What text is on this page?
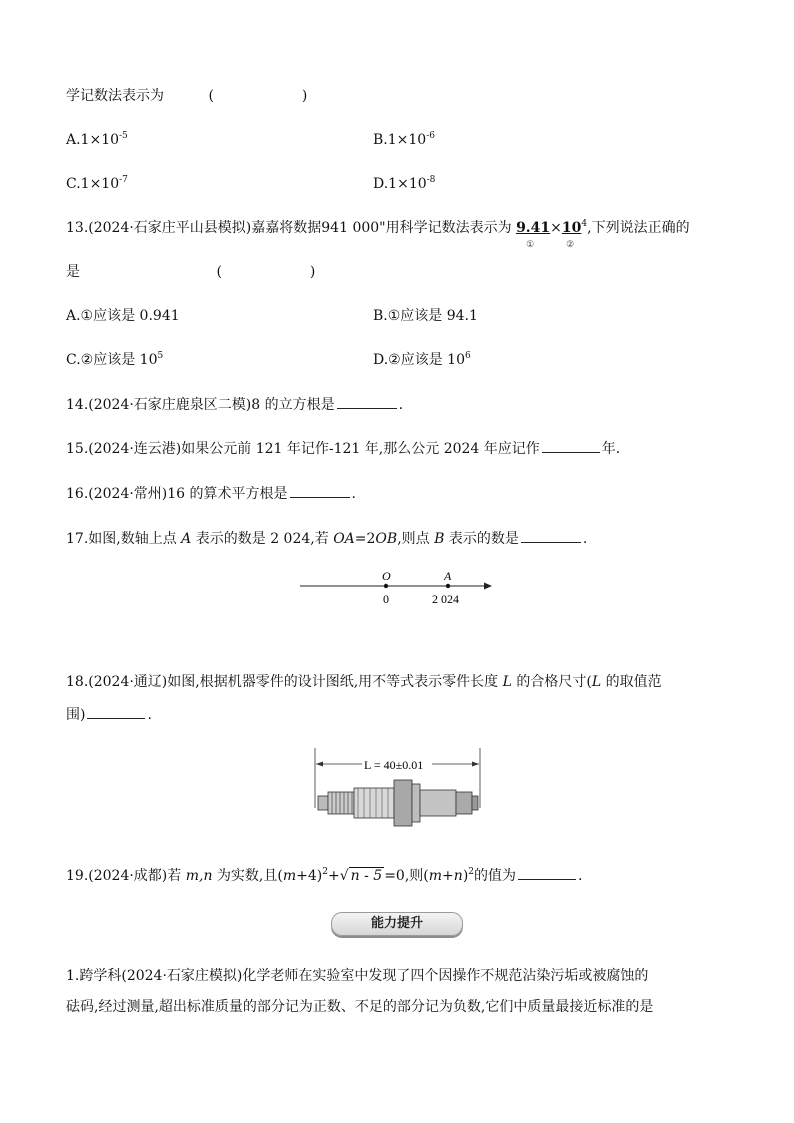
学记数法表示为	(　　)
$A.1\times 10^{-5}$	$B.1\times 10^{-6}$
$C.1\times 10^{-7}$	$D.1\times 10^{-8}$
13.(2024·石家庄平山县模拟)嘉嘉将数据941 000"用科学记数法表示为 9.41
①
$\times 10^4$
②
,下列说法正确的
是	(　　)
A.①应该是 0.941	B.①应该是 94.1
C.②应该是 $10^5$	D.②应该是 $10^6$
14.(2024·石家庄鹿泉区二模)8 的立方根是	.
15.(2024·连云港)如果公元前 121 年记作-121 年,那么公元 2024 年应记作	年.
16.(2024·常州)16 的算术平方根是	.
17.如图,数轴上点 A 表示的数是 2 024,若 OA=2OB,则点 B 表示的数是	.
O	A
0	2 024
18.(2024·通辽)如图,根据机器零件的设计图纸,用不等式表示零件长度 L 的合格尺寸(L 的取值范
围)	.
L = 40±0.01
19.(2024·成都)若 m,n 为实数,且$(m+4)^2+√$ n - 5 =0,则$(m+n)^2$的值为	.
能力提升
1.跨学科(2024·石家庄模拟)化学老师在实验室中发现了四个因操作不规范沾染污垢或被腐蚀的
砝码,经过测量,超出标准质量的部分记为正数、不足的部分记为负数,它们中质量最接近标准的是
